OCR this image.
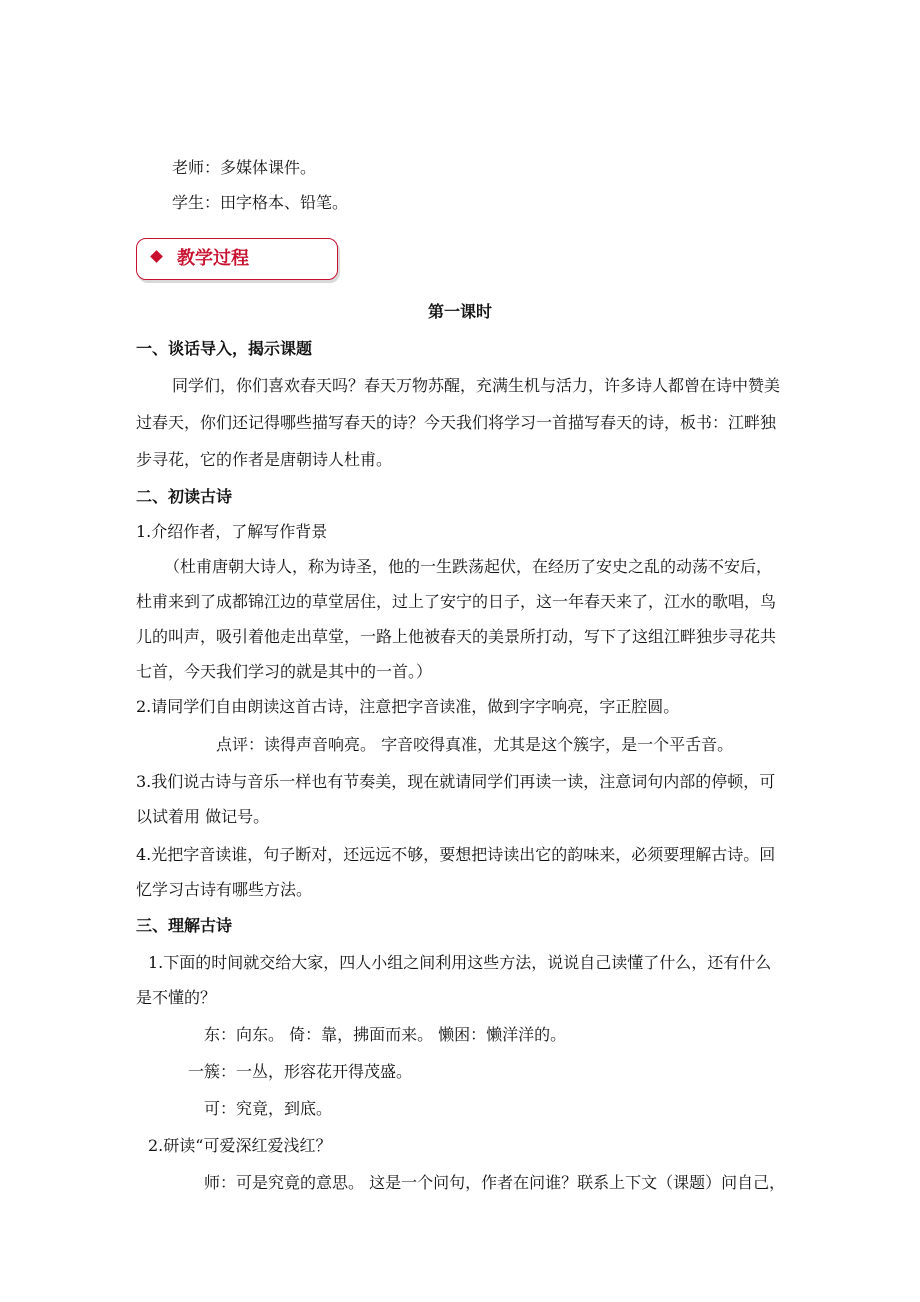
老师：多媒体课件。
学生：田字格本、铅笔。
教学过程
第一课时
一、谈话导入，揭示课题
同学们，你们喜欢春天吗？春天万物苏醒，充满生机与活力，许多诗人都曾在诗中赞美
过春天，你们还记得哪些描写春天的诗？今天我们将学习一首描写春天的诗，板书：江畔独
步寻花，它的作者是唐朝诗人杜甫。
二、初读古诗
1.介绍作者，了解写作背景
（杜甫唐朝大诗人，称为诗圣，他的一生跌荡起伏，在经历了安史之乱的动荡不安后，
杜甫来到了成都锦江边的草堂居住，过上了安宁的日子，这一年春天来了，江水的歌唱，鸟
儿的叫声，吸引着他走出草堂，一路上他被春天的美景所打动，写下了这组江畔独步寻花共
七首，今天我们学习的就是其中的一首。）
2.请同学们自由朗读这首古诗，注意把字音读准，做到字字响亮，字正腔圆。
点评：读得声音响亮。 字音咬得真准，尤其是这个簇字，是一个平舌音。
3.我们说古诗与音乐一样也有节奏美，现在就请同学们再读一读，注意词句内部的停顿，可
以试着用 做记号。
4.光把字音读谁，句子断对，还远远不够，要想把诗读出它的韵味来，必须要理解古诗。回
忆学习古诗有哪些方法。
三、理解古诗
1.下面的时间就交给大家，四人小组之间利用这些方法，说说自己读懂了什么，还有什么
是不懂的？
东：向东。 倚：靠，拂面而来。 懒困：懒洋洋的。
一簇：一丛，形容花开得茂盛。
可：究竟，到底。
2.研读“可爱深红爱浅红？
师：可是究竟的意思。 这是一个问句，作者在问谁？联系上下文（课题）问自己，
